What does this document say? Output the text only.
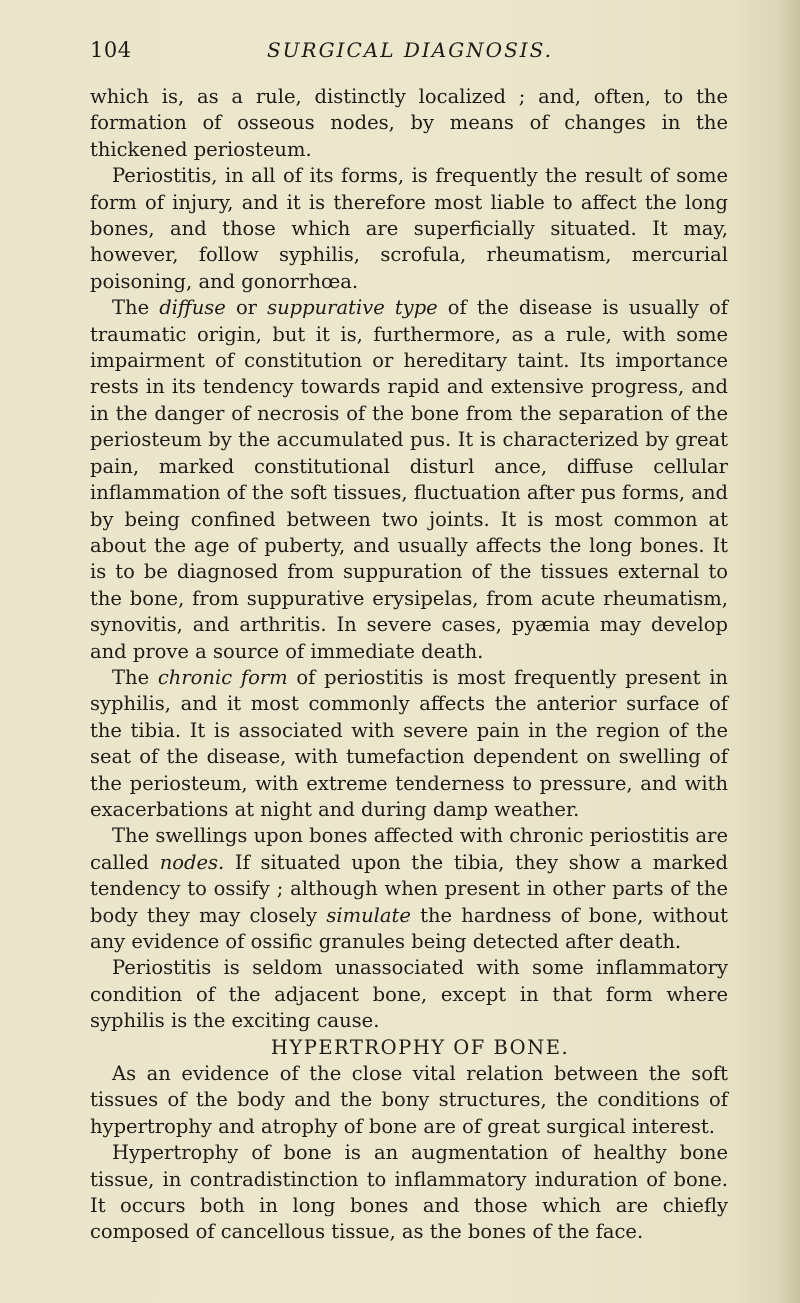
104	SURGICAL DIAGNOSIS.

which is, as a rule, distinctly localized ; and, often, to the formation of osseous nodes, by means of changes in the thickened periosteum.

Periostitis, in all of its forms, is frequently the result of some form of injury, and it is therefore most liable to affect the long bones, and those which are superficially situated. It may, however, follow syphilis, scrofula, rheumatism, mercurial poisoning, and gonorrhœa.

The diffuse or suppurative type of the disease is usually of traumatic origin, but it is, furthermore, as a rule, with some impairment of constitution or hereditary taint. Its importance rests in its tendency towards rapid and extensive progress, and in the danger of necrosis of the bone from the separation of the periosteum by the accumulated pus. It is characterized by great pain, marked constitutional disturl ance, diffuse cellular inflammation of the soft tissues, fluctuation after pus forms, and by being confined between two joints. It is most common at about the age of puberty, and usually affects the long bones. It is to be diagnosed from suppuration of the tissues external to the bone, from suppurative erysipelas, from acute rheumatism, synovitis, and arthritis. In severe cases, pyæmia may develop and prove a source of immediate death.

The chronic form of periostitis is most frequently present in syphilis, and it most commonly affects the anterior surface of the tibia. It is associated with severe pain in the region of the seat of the disease, with tumefaction dependent on swelling of the periosteum, with extreme tenderness to pressure, and with exacerbations at night and during damp weather.

The swellings upon bones affected with chronic periostitis are called nodes. If situated upon the tibia, they show a marked tendency to ossify ; although when present in other parts of the body they may closely simulate the hardness of bone, without any evidence of ossific granules being detected after death.

Periostitis is seldom unassociated with some inflammatory condition of the adjacent bone, except in that form where syphilis is the exciting cause.

HYPERTROPHY OF BONE.

As an evidence of the close vital relation between the soft tissues of the body and the bony structures, the conditions of hypertrophy and atrophy of bone are of great surgical interest.

Hypertrophy of bone is an augmentation of healthy bone tissue, in contradistinction to inflammatory induration of bone. It occurs both in long bones and those which are chiefly composed of cancellous tissue, as the bones of the face.
